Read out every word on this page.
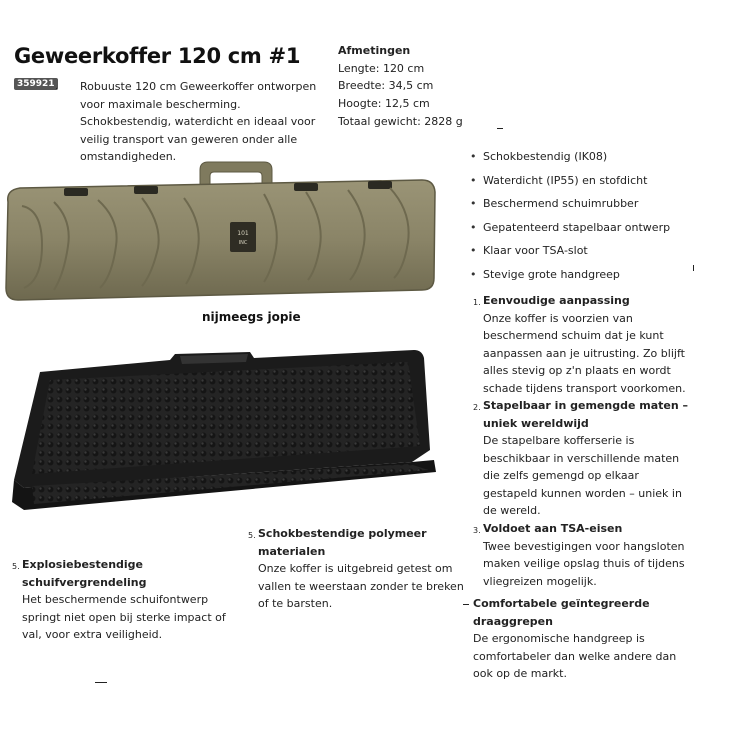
Geweerkoffer 120 cm #1
359921 . Robuuste 120 cm Geweerkoffer ontworpen
voor maximale bescherming.
Schokbestendig, waterdicht en ideaal voor
veilig transport van geweren onder alle
omstandigheden.
Afmetingen
Lengte: 120 cm
Breedte: 34,5 cm
Hoogte: 12,5 cm
Totaal gewicht: 2828 g
• Schokbestendig (IK08)
• Waterdicht (IP55) en stofdicht
• Beschermend schuimrubber
• Gepatenteerd stapelbaar ontwerp
• Klaar voor TSA-slot
• Stevige grote handgreep
101
INC
nijmeegs jopie
1. Eenvoudige aanpassing
Onze koffer is voorzien van
beschermend schuim dat je kunt
aanpassen aan je uitrusting. Zo blijft
alles stevig op z'n plaats en wordt
schade tijdens transport voorkomen.
2. Stapelbaar in gemengde maten –
uniek wereldwijd
De stapelbare kofferserie is
beschikbaar in verschillende maten
die zelfs gemengd op elkaar
gestapeld kunnen worden – uniek in
de wereld.
3. Voldoet aan TSA-eisen
Twee bevestigingen voor hangsloten
maken veilige opslag thuis of tijdens
vliegreizen mogelijk.
Comfortabele geïntegreerde
draaggrepen
De ergonomische handgreep is
comfortabeler dan welke andere dan
ook op de markt.
5. Schokbestendige polymeer
materialen
Onze koffer is uitgebreid getest om
vallen te weerstaan zonder te breken
of te barsten.
5. Explosiebestendige
schuifvergrendeling
Het beschermende schuifontwerp
springt niet open bij sterke impact of
val, voor extra veiligheid.
